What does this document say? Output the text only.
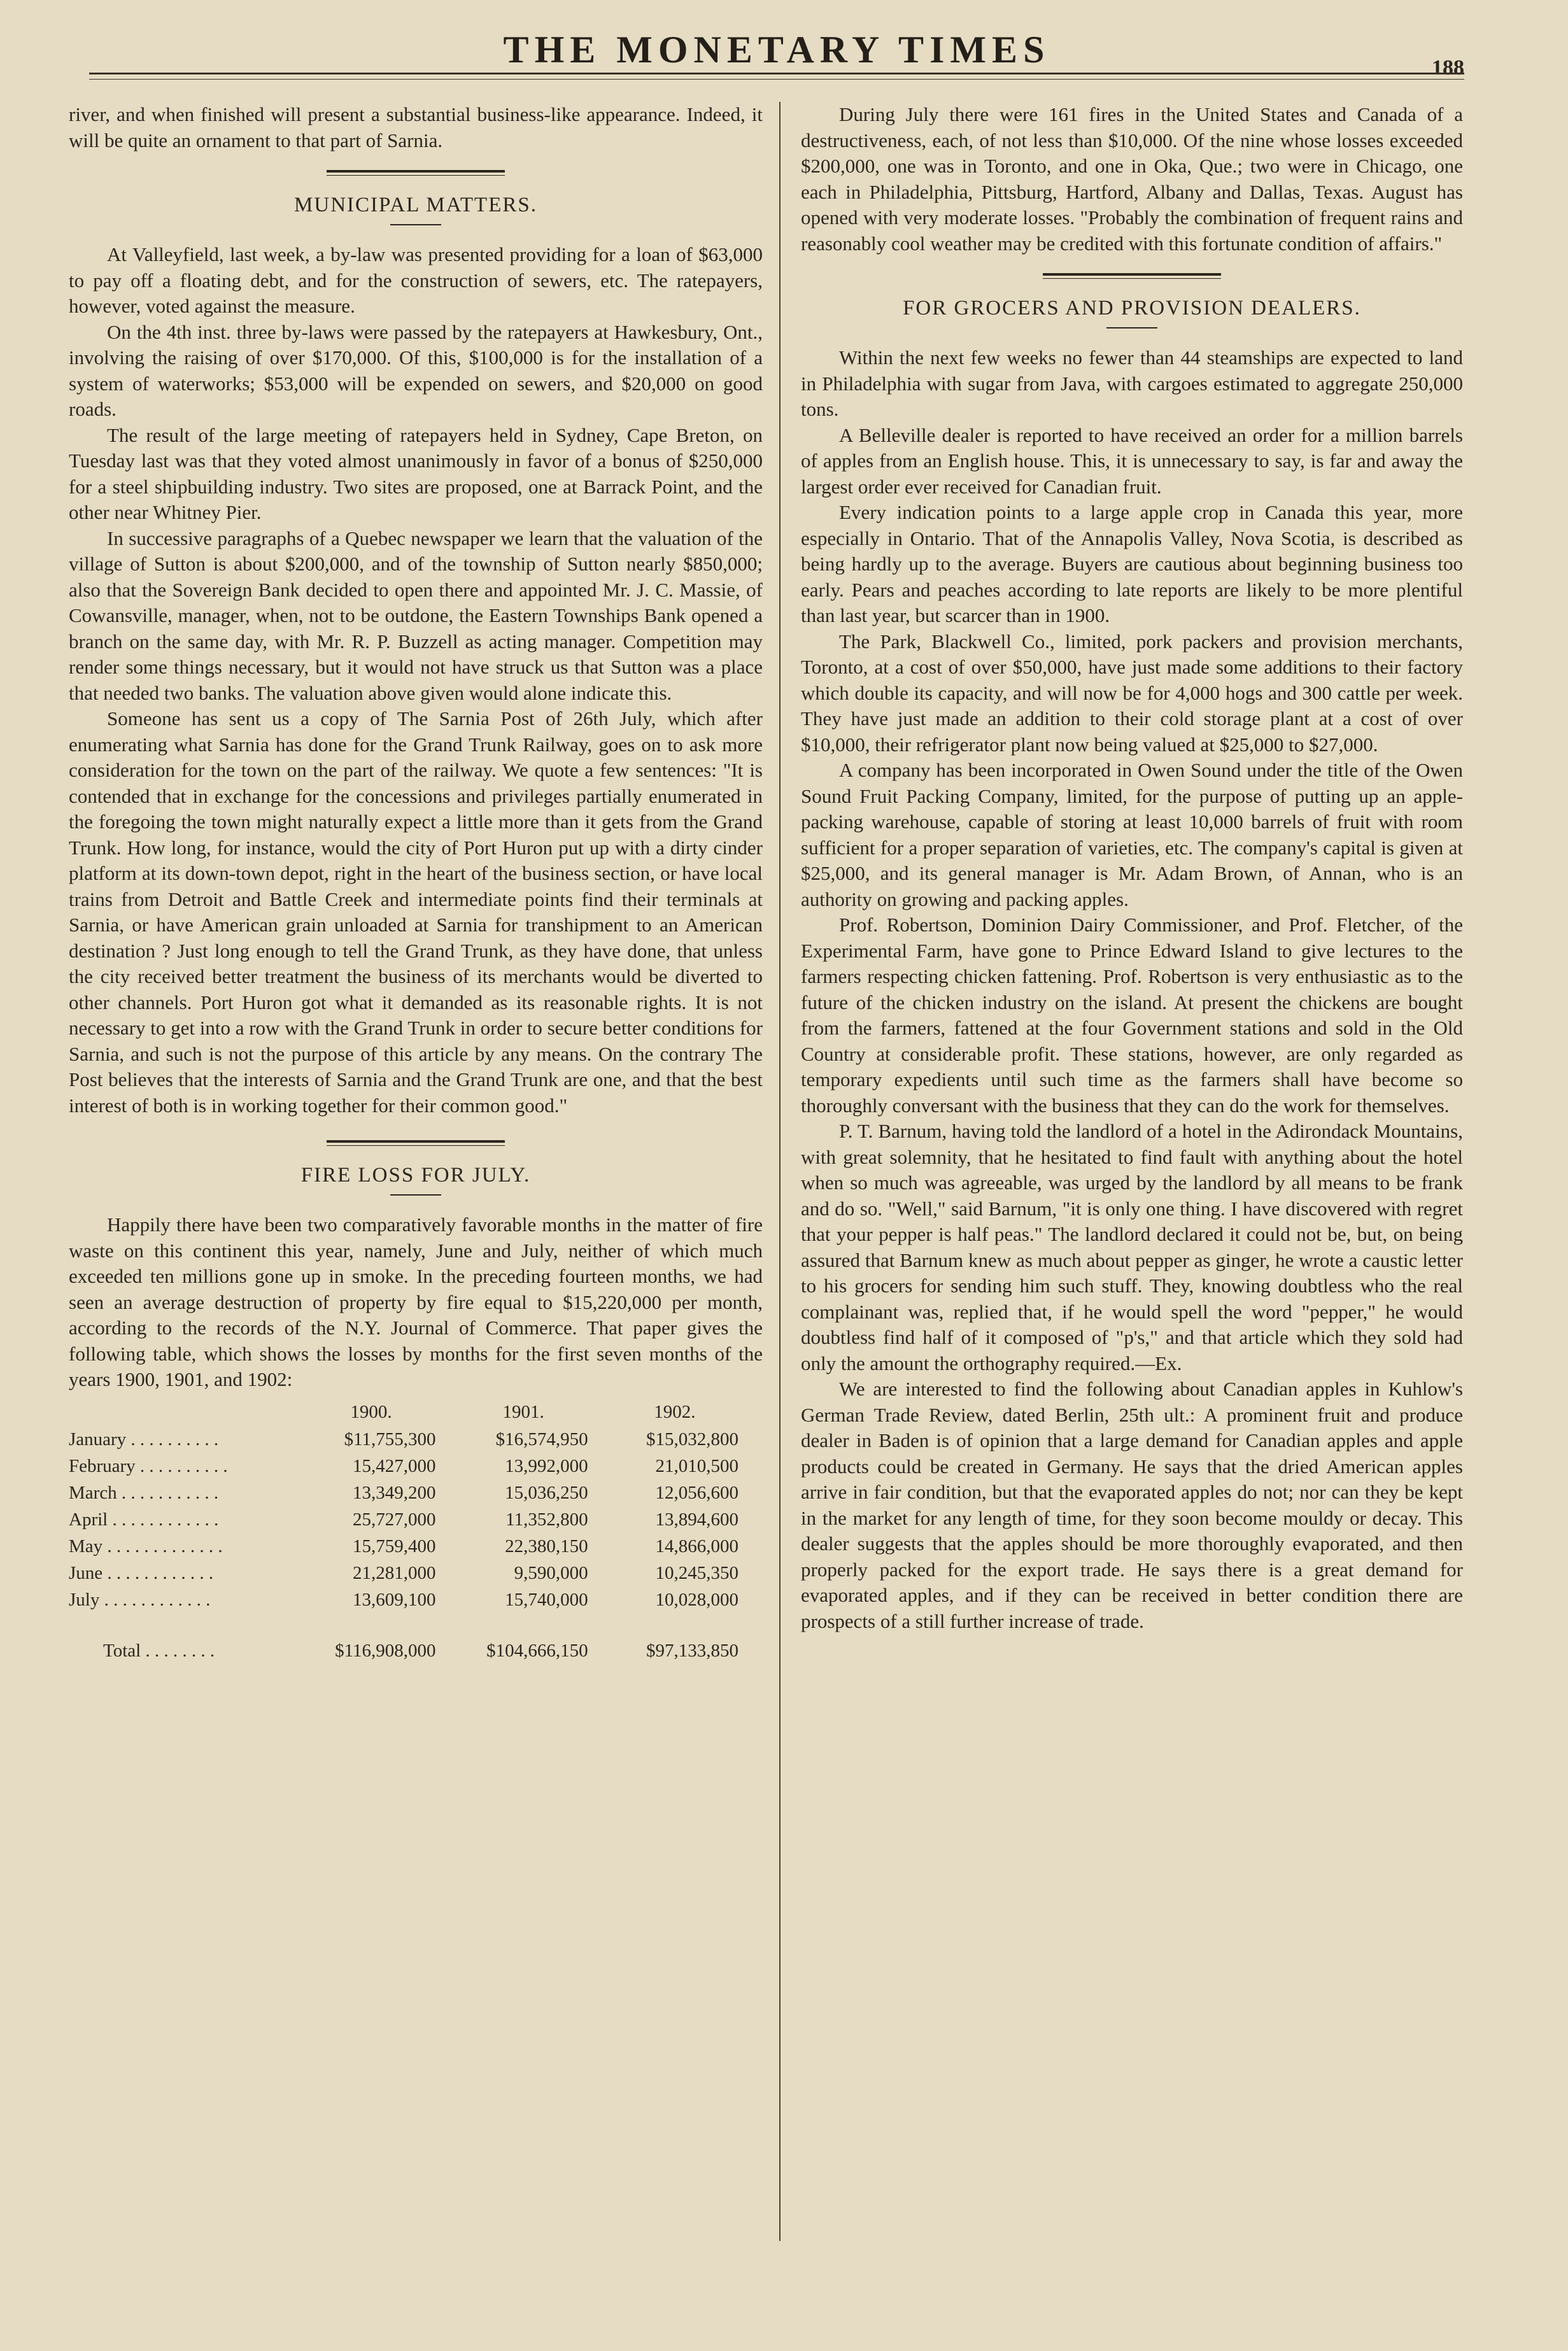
THE MONETARY TIMES	188

river, and when finished will present a substantial business-like appearance. Indeed, it will be quite an ornament to that part of Sarnia.

MUNICIPAL MATTERS.

At Valleyfield, last week, a by-law was presented providing for a loan of $63,000 to pay off a floating debt, and for the construction of sewers, etc. The ratepayers, however, voted against the measure.

On the 4th inst. three by-laws were passed by the ratepayers at Hawkesbury, Ont., involving the raising of over $170,000. Of this, $100,000 is for the installation of a system of waterworks; $53,000 will be expended on sewers, and $20,000 on good roads.

The result of the large meeting of ratepayers held in Sydney, Cape Breton, on Tuesday last was that they voted almost unanimously in favor of a bonus of $250,000 for a steel shipbuilding industry. Two sites are proposed, one at Barrack Point, and the other near Whitney Pier.

In successive paragraphs of a Quebec newspaper we learn that the valuation of the village of Sutton is about $200,000, and of the township of Sutton nearly $850,000; also that the Sovereign Bank decided to open there and appointed Mr. J. C. Massie, of Cowansville, manager, when, not to be outdone, the Eastern Townships Bank opened a branch on the same day, with Mr. R. P. Buzzell as acting manager. Competition may render some things necessary, but it would not have struck us that Sutton was a place that needed two banks. The valuation above given would alone indicate this.

Someone has sent us a copy of The Sarnia Post of 26th July, which after enumerating what Sarnia has done for the Grand Trunk Railway, goes on to ask more consideration for the town on the part of the railway. We quote a few sentences: "It is contended that in exchange for the concessions and privileges partially enumerated in the foregoing the town might naturally expect a little more than it gets from the Grand Trunk. How long, for instance, would the city of Port Huron put up with a dirty cinder platform at its down-town depot, right in the heart of the business section, or have local trains from Detroit and Battle Creek and intermediate points find their terminals at Sarnia, or have American grain unloaded at Sarnia for transhipment to an American destination ? Just long enough to tell the Grand Trunk, as they have done, that unless the city received better treatment the business of its merchants would be diverted to other channels. Port Huron got what it demanded as its reasonable rights. It is not necessary to get into a row with the Grand Trunk in order to secure better conditions for Sarnia, and such is not the purpose of this article by any means. On the contrary The Post believes that the interests of Sarnia and the Grand Trunk are one, and that the best interest of both is in working together for their common good."

FIRE LOSS FOR JULY.

Happily there have been two comparatively favorable months in the matter of fire waste on this continent this year, namely, June and July, neither of which much exceeded ten millions gone up in smoke. In the preceding fourteen months, we had seen an average destruction of property by fire equal to $15,220,000 per month, according to the records of the N.Y. Journal of Commerce. That paper gives the following table, which shows the losses by months for the first seven months of the years 1900, 1901, and 1902:

	1900.	1901.	1902.
January . . . . . . . . . .	$11,755,300	$16,574,950	$15,032,800
February . . . . . . . . . .	15,427,000	13,992,000	21,010,500
March . . . . . . . . . . .	13,349,200	15,036,250	12,056,600
April . . . . . . . . . . . .	25,727,000	11,352,800	13,894,600
May . . . . . . . . . . . . .	15,759,400	22,380,150	14,866,000
June . . . . . . . . . . . .	21,281,000	9,590,000	10,245,350
July . . . . . . . . . . . .	13,609,100	15,740,000	10,028,000
Total . . . . . . . .	$116,908,000	$104,666,150	$97,133,850

During July there were 161 fires in the United States and Canada of a destructiveness, each, of not less than $10,000. Of the nine whose losses exceeded $200,000, one was in Toronto, and one in Oka, Que.; two were in Chicago, one each in Philadelphia, Pittsburg, Hartford, Albany and Dallas, Texas. August has opened with very moderate losses. "Probably the combination of frequent rains and reasonably cool weather may be credited with this fortunate condition of affairs."

FOR GROCERS AND PROVISION DEALERS.

Within the next few weeks no fewer than 44 steamships are expected to land in Philadelphia with sugar from Java, with cargoes estimated to aggregate 250,000 tons.

A Belleville dealer is reported to have received an order for a million barrels of apples from an English house. This, it is unnecessary to say, is far and away the largest order ever received for Canadian fruit.

Every indication points to a large apple crop in Canada this year, more especially in Ontario. That of the Annapolis Valley, Nova Scotia, is described as being hardly up to the average. Buyers are cautious about beginning business too early. Pears and peaches according to late reports are likely to be more plentiful than last year, but scarcer than in 1900.

The Park, Blackwell Co., limited, pork packers and provision merchants, Toronto, at a cost of over $50,000, have just made some additions to their factory which double its capacity, and will now be for 4,000 hogs and 300 cattle per week. They have just made an addition to their cold storage plant at a cost of over $10,000, their refrigerator plant now being valued at $25,000 to $27,000.

A company has been incorporated in Owen Sound under the title of the Owen Sound Fruit Packing Company, limited, for the purpose of putting up an apple-packing warehouse, capable of storing at least 10,000 barrels of fruit with room sufficient for a proper separation of varieties, etc. The company's capital is given at $25,000, and its general manager is Mr. Adam Brown, of Annan, who is an authority on growing and packing apples.

Prof. Robertson, Dominion Dairy Commissioner, and Prof. Fletcher, of the Experimental Farm, have gone to Prince Edward Island to give lectures to the farmers respecting chicken fattening. Prof. Robertson is very enthusiastic as to the future of the chicken industry on the island. At present the chickens are bought from the farmers, fattened at the four Government stations and sold in the Old Country at considerable profit. These stations, however, are only regarded as temporary expedients until such time as the farmers shall have become so thoroughly conversant with the business that they can do the work for themselves.

P. T. Barnum, having told the landlord of a hotel in the Adirondack Mountains, with great solemnity, that he hesitated to find fault with anything about the hotel when so much was agreeable, was urged by the landlord by all means to be frank and do so. "Well," said Barnum, "it is only one thing. I have discovered with regret that your pepper is half peas." The landlord declared it could not be, but, on being assured that Barnum knew as much about pepper as ginger, he wrote a caustic letter to his grocers for sending him such stuff. They, knowing doubtless who the real complainant was, replied that, if he would spell the word "pepper," he would doubtless find half of it composed of "p's," and that article which they sold had only the amount the orthography required.—Ex.

We are interested to find the following about Canadian apples in Kuhlow's German Trade Review, dated Berlin, 25th ult.: A prominent fruit and produce dealer in Baden is of opinion that a large demand for Canadian apples and apple products could be created in Germany. He says that the dried American apples arrive in fair condition, but that the evaporated apples do not; nor can they be kept in the market for any length of time, for they soon become mouldy or decay. This dealer suggests that the apples should be more thoroughly evaporated, and then properly packed for the export trade. He says there is a great demand for evaporated apples, and if they can be received in better condition there are prospects of a still further increase of trade.
